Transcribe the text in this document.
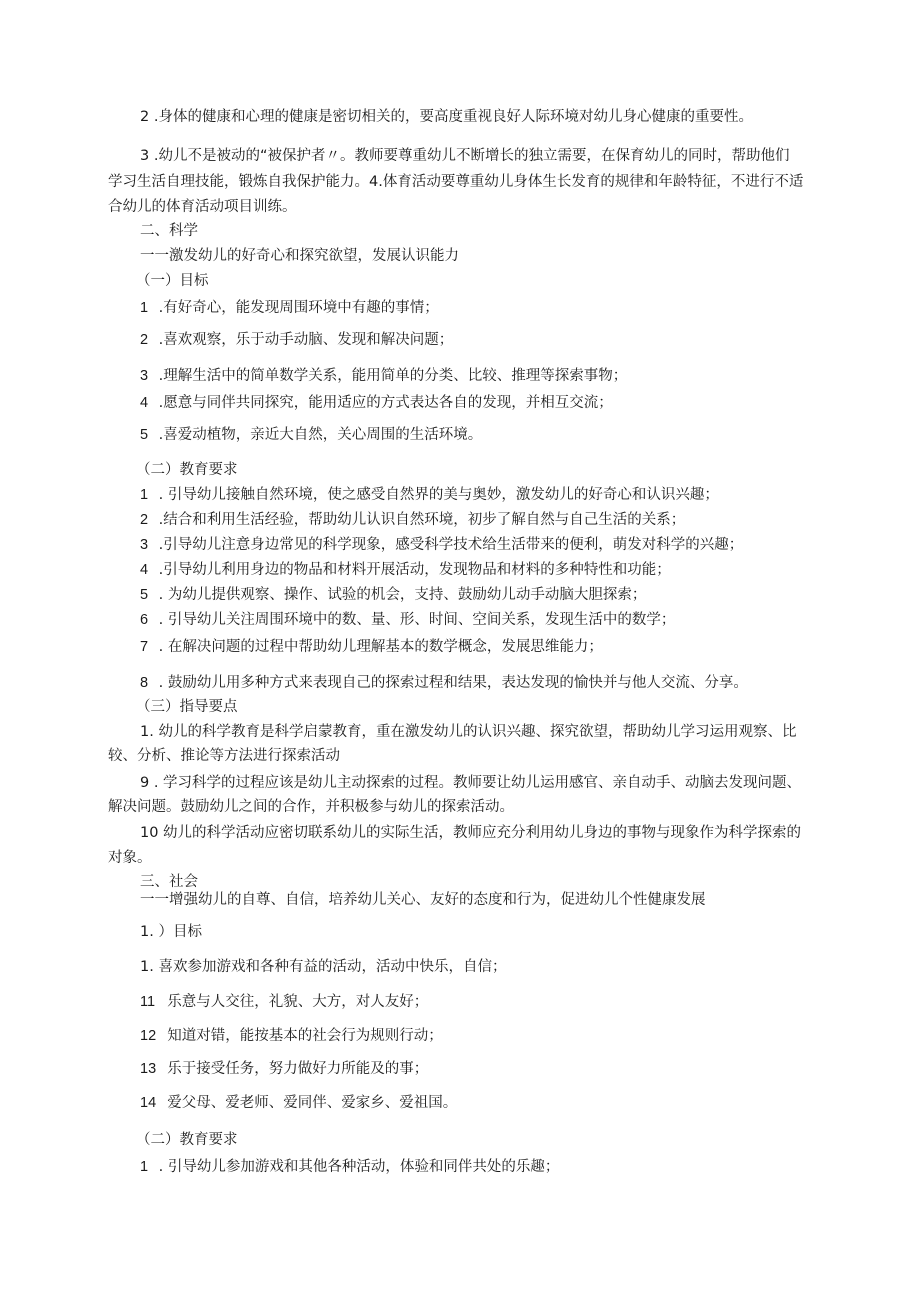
2 .身体的健康和心理的健康是密切相关的，要高度重视良好人际环境对幼儿身心健康的重要性。
3 .幼儿不是被动的“被保护者〃。教师要尊重幼儿不断增长的独立需要，在保育幼儿的同时，帮助他们
学习生活自理技能，锻炼自我保护能力。4.体育活动要尊重幼儿身体生长发育的规律和年龄特征，不进行不适
合幼儿的体育活动项目训练。
二、科学
一一激发幼儿的好奇心和探究欲望，发展认识能力
（一）目标
1 .有好奇心，能发现周围环境中有趣的事情；
2 .喜欢观察，乐于动手动脑、发现和解决问题；
3 .理解生活中的简单数学关系，能用简单的分类、比较、推理等探索事物；
4 .愿意与同伴共同探究，能用适应的方式表达各自的发现，并相互交流；
5 .喜爱动植物，亲近大自然，关心周围的生活环境。
（二）教育要求
1 . 引导幼儿接触自然环境，使之感受自然界的美与奥妙，激发幼儿的好奇心和认识兴趣；
2 .结合和利用生活经验，帮助幼儿认识自然环境，初步了解自然与自己生活的关系；
3 .引导幼儿注意身边常见的科学现象，感受科学技术给生活带来的便利，萌发对科学的兴趣；
4 .引导幼儿利用身边的物品和材料开展活动，发现物品和材料的多种特性和功能；
5 . 为幼儿提供观察、操作、试验的机会，支持、鼓励幼儿动手动脑大胆探索；
6 . 引导幼儿关注周围环境中的数、量、形、时间、空间关系，发现生活中的数学；
7 . 在解决问题的过程中帮助幼儿理解基本的数学概念，发展思维能力；
8 . 鼓励幼儿用多种方式来表现自己的探索过程和结果，表达发现的愉快并与他人交流、分享。
（三）指导要点
1. 幼儿的科学教育是科学启蒙教育，重在激发幼儿的认识兴趣、探究欲望，帮助幼儿学习运用观察、比
较、分析、推论等方法进行探索活动
9 . 学习科学的过程应该是幼儿主动探索的过程。教师要让幼儿运用感官、亲自动手、动脑去发现问题、
解决问题。鼓励幼儿之间的合作，并积极参与幼儿的探索活动。
10 幼儿的科学活动应密切联系幼儿的实际生活，教师应充分利用幼儿身边的事物与现象作为科学探索的
对象。
三、社会
一一增强幼儿的自尊、自信，培养幼儿关心、友好的态度和行为，促进幼儿个性健康发展
1. ）目标
1. 喜欢参加游戏和各种有益的活动，活动中快乐，自信；
11 乐意与人交往，礼貌、大方，对人友好；
12 知道对错，能按基本的社会行为规则行动；
13 乐于接受任务，努力做好力所能及的事；
14 爱父母、爱老师、爱同伴、爱家乡、爱祖国。
（二）教育要求
1 . 引导幼儿参加游戏和其他各种活动，体验和同伴共处的乐趣；
